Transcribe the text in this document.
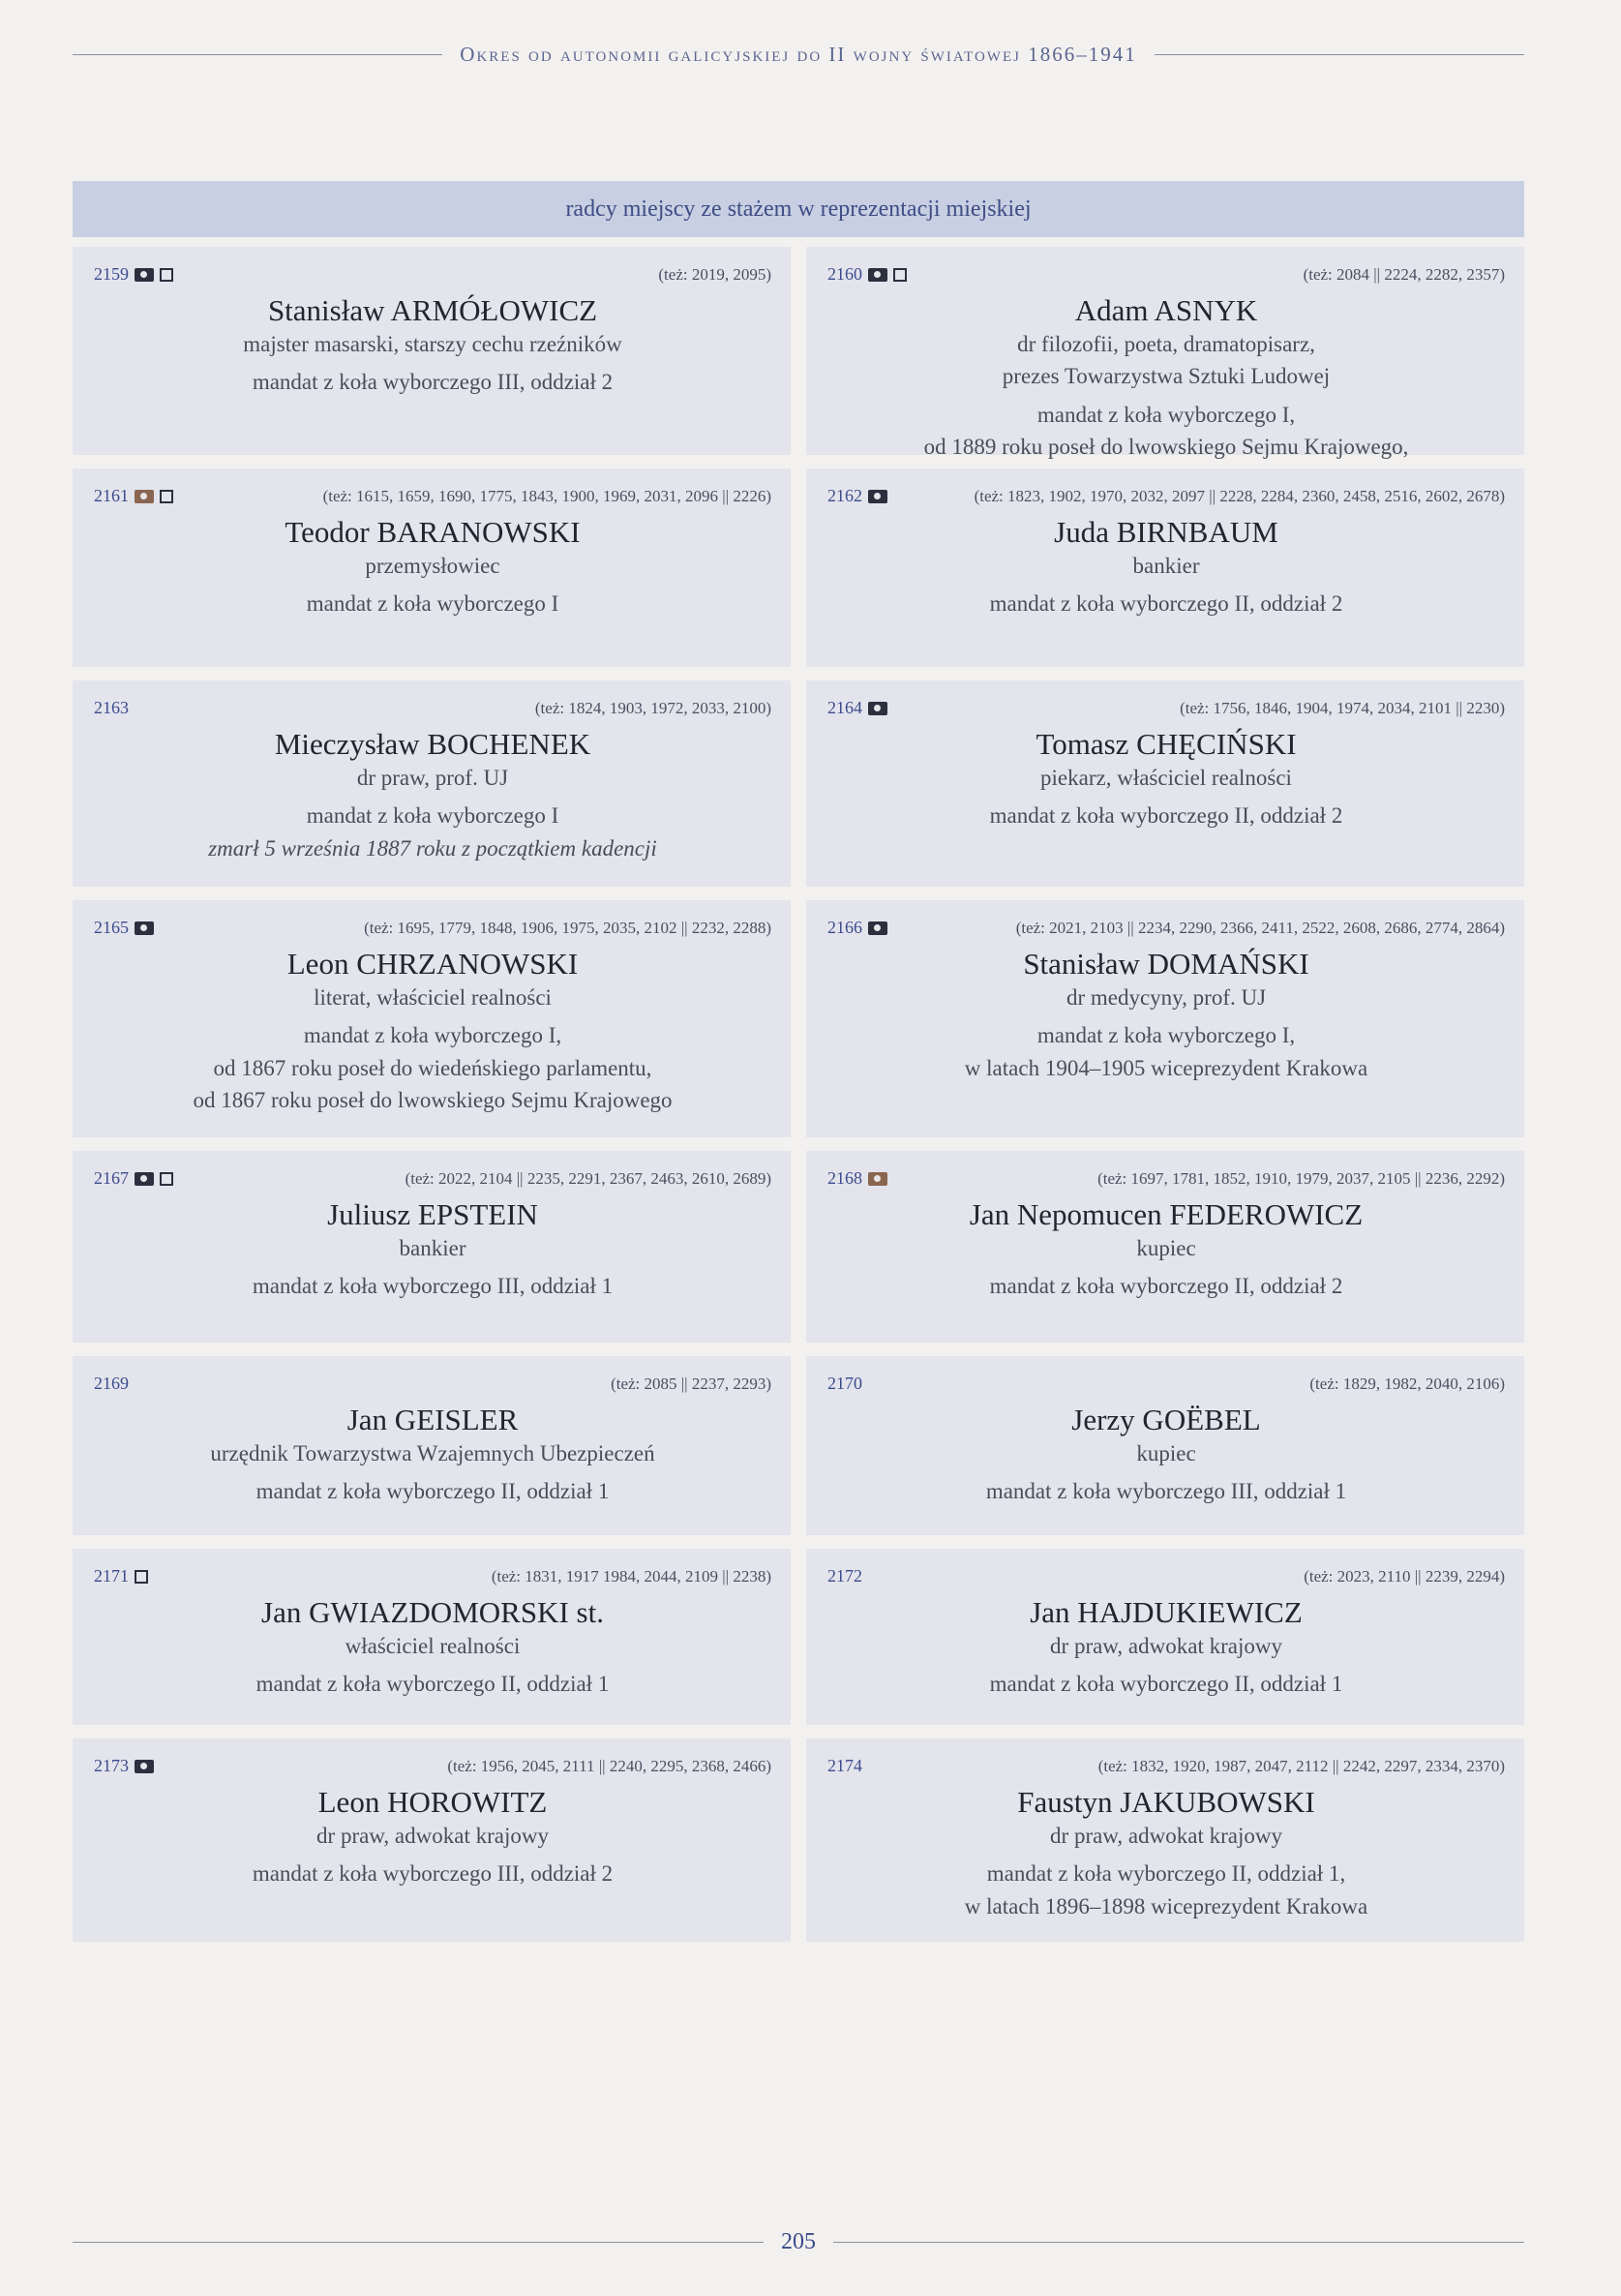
Okres od autonomii galicyjskiej do II wojny światowej 1866–1941
radcy miejscy ze stażem w reprezentacji miejskiej
2159	(też: 2019, 2095)
Stanisław ARMÓŁOWICZ
majster masarski, starszy cechu rzeźników
mandat z koła wyborczego III, oddział 2
2160	(też: 2084 || 2224, 2282, 2357)
Adam ASNYK
dr filozofii, poeta, dramatopisarz,
prezes Towarzystwa Sztuki Ludowej
mandat z koła wyborczego I,
od 1889 roku poseł do lwowskiego Sejmu Krajowego,
2161	(też: 1615, 1659, 1690, 1775, 1843, 1900, 1969, 2031, 2096 || 2226)
Teodor BARANOWSKI
przemysłowiec
mandat z koła wyborczego I
2162	(też: 1823, 1902, 1970, 2032, 2097 || 2228, 2284, 2360, 2458, 2516, 2602, 2678)
Juda BIRNBAUM
bankier
mandat z koła wyborczego II, oddział 2
2163	(też: 1824, 1903, 1972, 2033, 2100)
Mieczysław BOCHENEK
dr praw, prof. UJ
mandat z koła wyborczego I
zmarł 5 września 1887 roku z początkiem kadencji
2164	(też: 1756, 1846, 1904, 1974, 2034, 2101 || 2230)
Tomasz CHĘCIŃSKI
piekarz, właściciel realności
mandat z koła wyborczego II, oddział 2
2165	(też: 1695, 1779, 1848, 1906, 1975, 2035, 2102 || 2232, 2288)
Leon CHRZANOWSKI
literat, właściciel realności
mandat z koła wyborczego I,
od 1867 roku poseł do wiedeńskiego parlamentu,
od 1867 roku poseł do lwowskiego Sejmu Krajowego
2166	(też: 2021, 2103 || 2234, 2290, 2366, 2411, 2522, 2608, 2686, 2774, 2864)
Stanisław DOMAŃSKI
dr medycyny, prof. UJ
mandat z koła wyborczego I,
w latach 1904–1905 wiceprezydent Krakowa
2167	(też: 2022, 2104 || 2235, 2291, 2367, 2463, 2610, 2689)
Juliusz EPSTEIN
bankier
mandat z koła wyborczego III, oddział 1
2168	(też: 1697, 1781, 1852, 1910, 1979, 2037, 2105 || 2236, 2292)
Jan Nepomucen FEDEROWICZ
kupiec
mandat z koła wyborczego II, oddział 2
2169	(też: 2085 || 2237, 2293)
Jan GEISLER
urzędnik Towarzystwa Wzajemnych Ubezpieczeń
mandat z koła wyborczego II, oddział 1
2170	(też: 1829, 1982, 2040, 2106)
Jerzy GOËBEL
kupiec
mandat z koła wyborczego III, oddział 1
2171	(też: 1831, 1917 1984, 2044, 2109 || 2238)
Jan GWIAZDOMORSKI st.
właściciel realności
mandat z koła wyborczego II, oddział 1
2172	(też: 2023, 2110 || 2239, 2294)
Jan HAJDUKIEWICZ
dr praw, adwokat krajowy
mandat z koła wyborczego II, oddział 1
2173	(też: 1956, 2045, 2111 || 2240, 2295, 2368, 2466)
Leon HOROWITZ
dr praw, adwokat krajowy
mandat z koła wyborczego III, oddział 2
2174	(też: 1832, 1920, 1987, 2047, 2112 || 2242, 2297, 2334, 2370)
Faustyn JAKUBOWSKI
dr praw, adwokat krajowy
mandat z koła wyborczego II, oddział 1,
w latach 1896–1898 wiceprezydent Krakowa
205
